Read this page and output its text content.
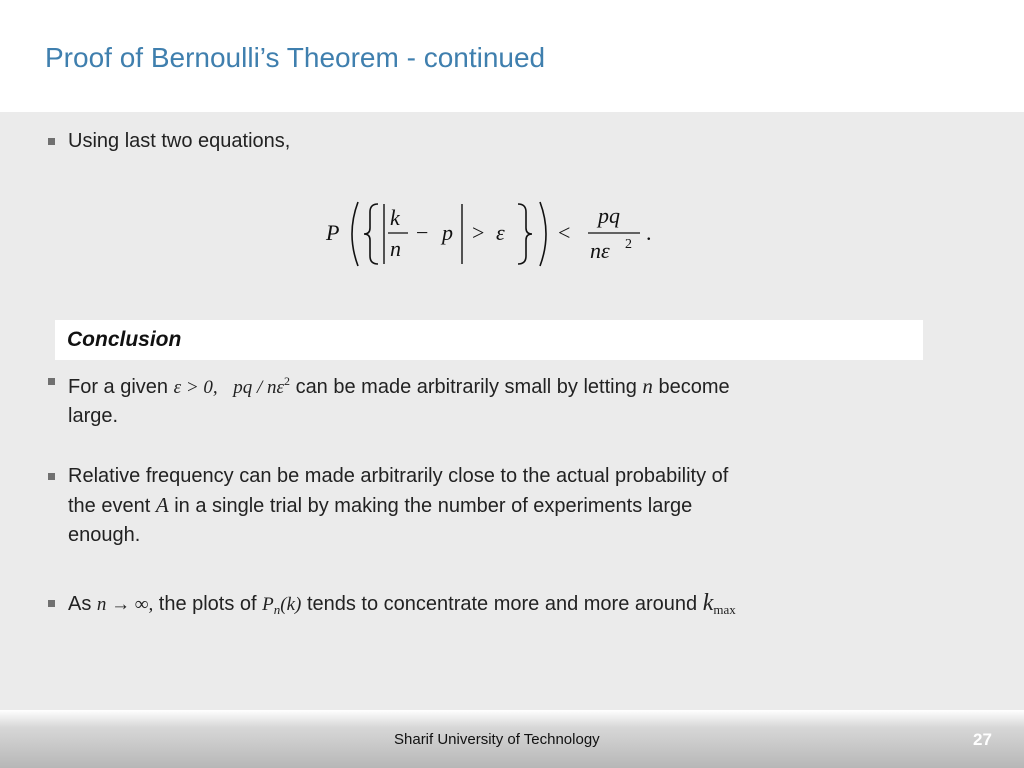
Proof of Bernoulli’s Theorem - continued
Using last two equations,
P
k
n
− p > ε <
pq
nε 2 .
Conclusion
For a given ε > 0, pq / $n\varepsilon^2$ can be made arbitrarily small by letting n become
large.
Relative frequency can be made arbitrarily close to the actual probability of
the event A in a single trial by making the number of experiments large
enough.
As n → ∞, the plots of $P_n(k)$ tends to concentrate more and more around $k_{max}$
Sharif University of Technology	27
